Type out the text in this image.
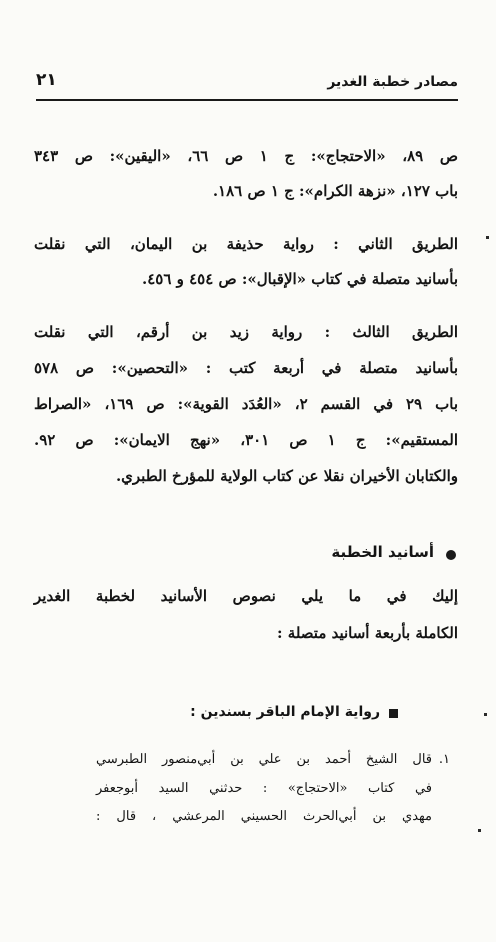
مصادر خطبة الغدير
٢١
ص ٨٩، «الاحتجاج»: ج ١ ص ٦٦، «اليقين»: ص ٣٤٣
باب ١٢٧، «نزهة الكرام»: ج ١ ص ١٨٦.
الطريق الثاني : رواية حذيفة بن اليمان، التي نقلت
بأسانيد متصلة في كتاب «الإقبال»: ص ٤٥٤ و ٤٥٦.
الطريق الثالث : رواية زيد بن أرقم، التي نقلت
بأسانيد متصلة في أربعة كتب : «التحصين»: ص ٥٧٨
باب ٢٩ في القسم ٢، «العُدَد القوية»: ص ١٦٩، «الصراط
المستقيم»: ج ١ ص ٣٠١، «نهج الايمان»: ص ٩٢.
والكتابان الأخيران نقلا عن كتاب الولاية للمؤرخ الطبري.
أسانيد الخطبة
إليك في ما يلي نصوص الأسانيد لخطبة الغدير
الكاملة بأربعة أسانيد متصلة :
رواية الإمام الباقر بسندين :
١.
قال الشيخ أحمد بن علي بن أبي‌منصور الطبرسي
في كتاب «الاحتجاج» : حدثني السيد أبوجعفر
مهدي بن أبي‌الحرث الحسيني المرعشي ، قال :
